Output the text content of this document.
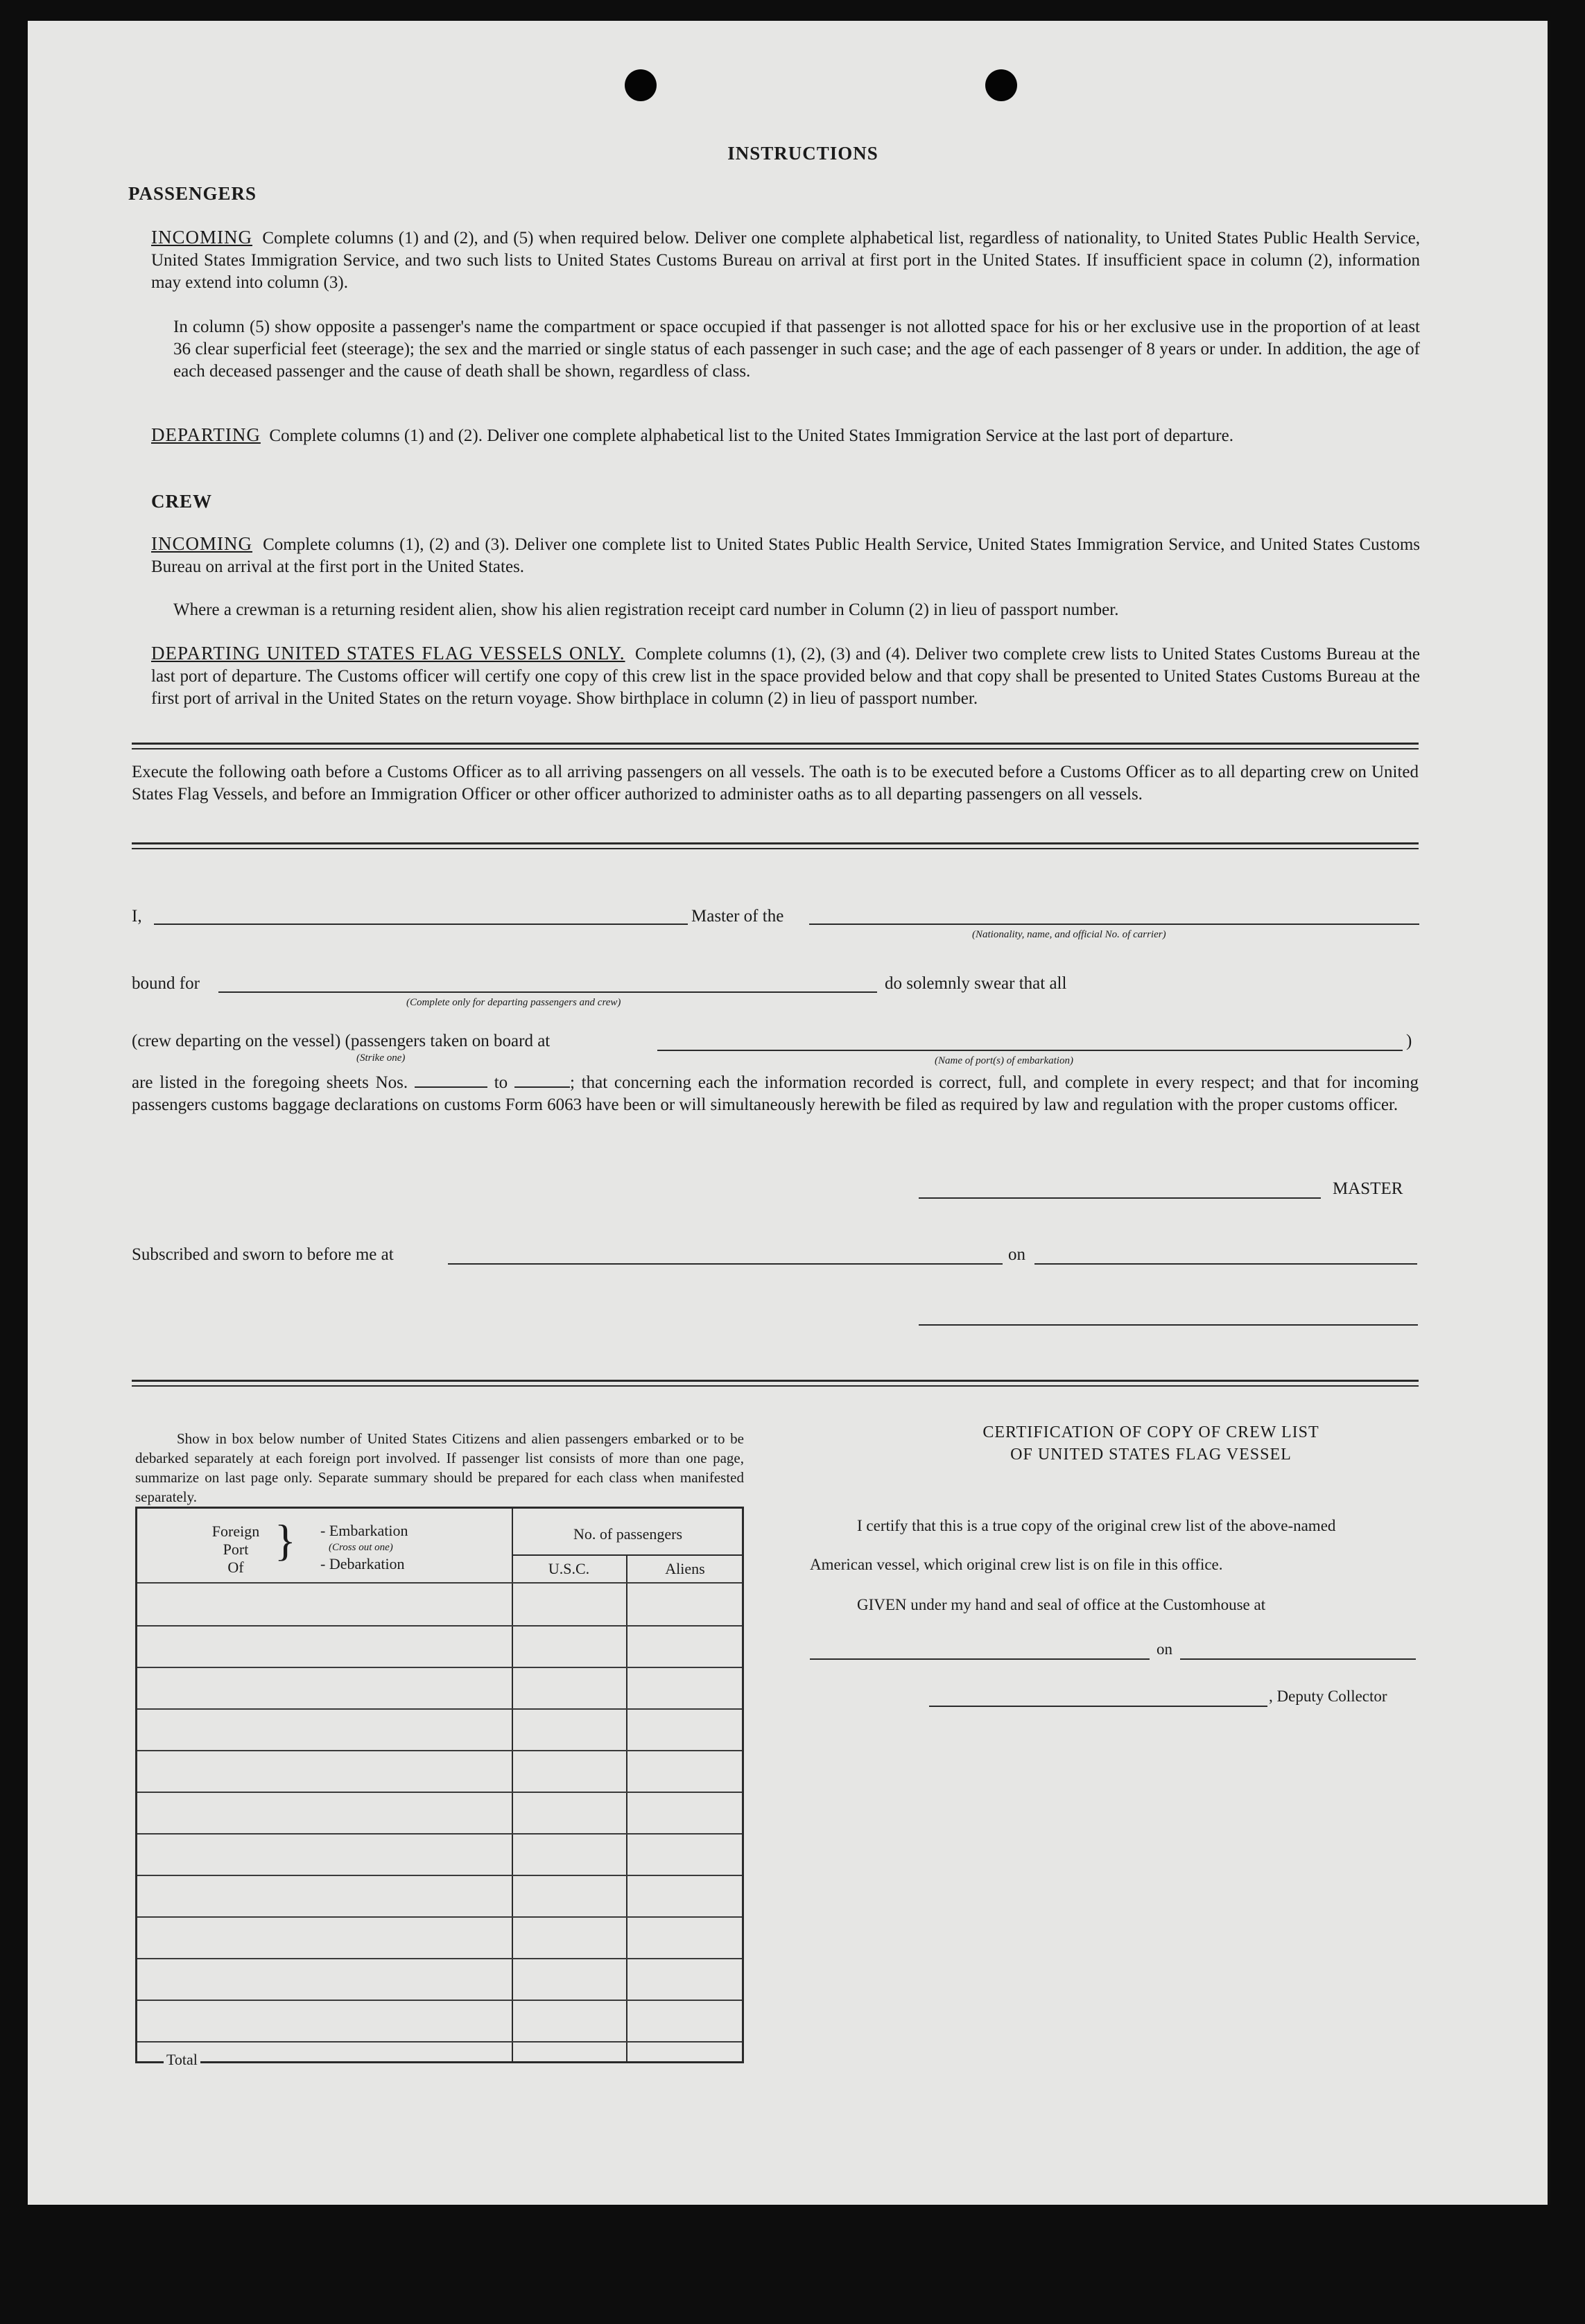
INSTRUCTIONS
PASSENGERS
INCOMING Complete columns (1) and (2), and (5) when required below. Deliver one complete alphabetical list, regardless of nationality, to United States Public Health Service, United States Immigration Service, and two such lists to United States Customs Bureau on arrival at first port in the United States. If insufficient space in column (2), information may extend into column (3).
In column (5) show opposite a passenger's name the compartment or space occupied if that passenger is not allotted space for his or her exclusive use in the proportion of at least 36 clear superficial feet (steerage); the sex and the married or single status of each passenger in such case; and the age of each passenger of 8 years or under. In addition, the age of each deceased passenger and the cause of death shall be shown, regardless of class.
DEPARTING Complete columns (1) and (2). Deliver one complete alphabetical list to the United States Immigration Service at the last port of departure.
CREW
INCOMING Complete columns (1), (2) and (3). Deliver one complete list to United States Public Health Service, United States Immigration Service, and United States Customs Bureau on arrival at the first port in the United States.
Where a crewman is a returning resident alien, show his alien registration receipt card number in Column (2) in lieu of passport number.
DEPARTING UNITED STATES FLAG VESSELS ONLY. Complete columns (1), (2), (3) and (4). Deliver two complete crew lists to United States Customs Bureau at the last port of departure. The Customs officer will certify one copy of this crew list in the space provided below and that copy shall be presented to United States Customs Bureau at the first port of arrival in the United States on the return voyage. Show birthplace in column (2) in lieu of passport number.
Execute the following oath before a Customs Officer as to all arriving passengers on all vessels. The oath is to be executed before a Customs Officer as to all departing crew on United States Flag Vessels, and before an Immigration Officer or other officer authorized to administer oaths as to all departing passengers on all vessels.
I,	Master of the
(Nationality, name, and official No. of carrier)
bound for
(Complete only for departing passengers and crew)
do solemnly swear that all
(crew departing on the vessel) (passengers taken on board at
(Strike one)	(Name of port(s) of embarkation)
)
are listed in the foregoing sheets Nos.	to	; that concerning each the information recorded is correct, full, and complete in every respect; and that for incoming passengers customs baggage declarations on customs Form 6063 have been or will simultaneously herewith be filed as required by law and regulation with the proper customs officer.
MASTER
Subscribed and sworn to before me at	on
Show in box below number of United States Citizens and alien passengers embarked or to be debarked separately at each foreign port involved. If passenger list consists of more than one page, summarize on last page only. Separate summary should be prepared for each class when manifested separately.
Foreign
Port
Of
} - Embarkation
(Cross out one)
- Debarkation
No. of passengers
U.S.C.	Aliens
Total
CERTIFICATION OF COPY OF CREW LIST
OF UNITED STATES FLAG VESSEL
I certify that this is a true copy of the original crew list of the above-named
American vessel, which original crew list is on file in this office.
GIVEN under my hand and seal of office at the Customhouse at
on
, Deputy Collector
